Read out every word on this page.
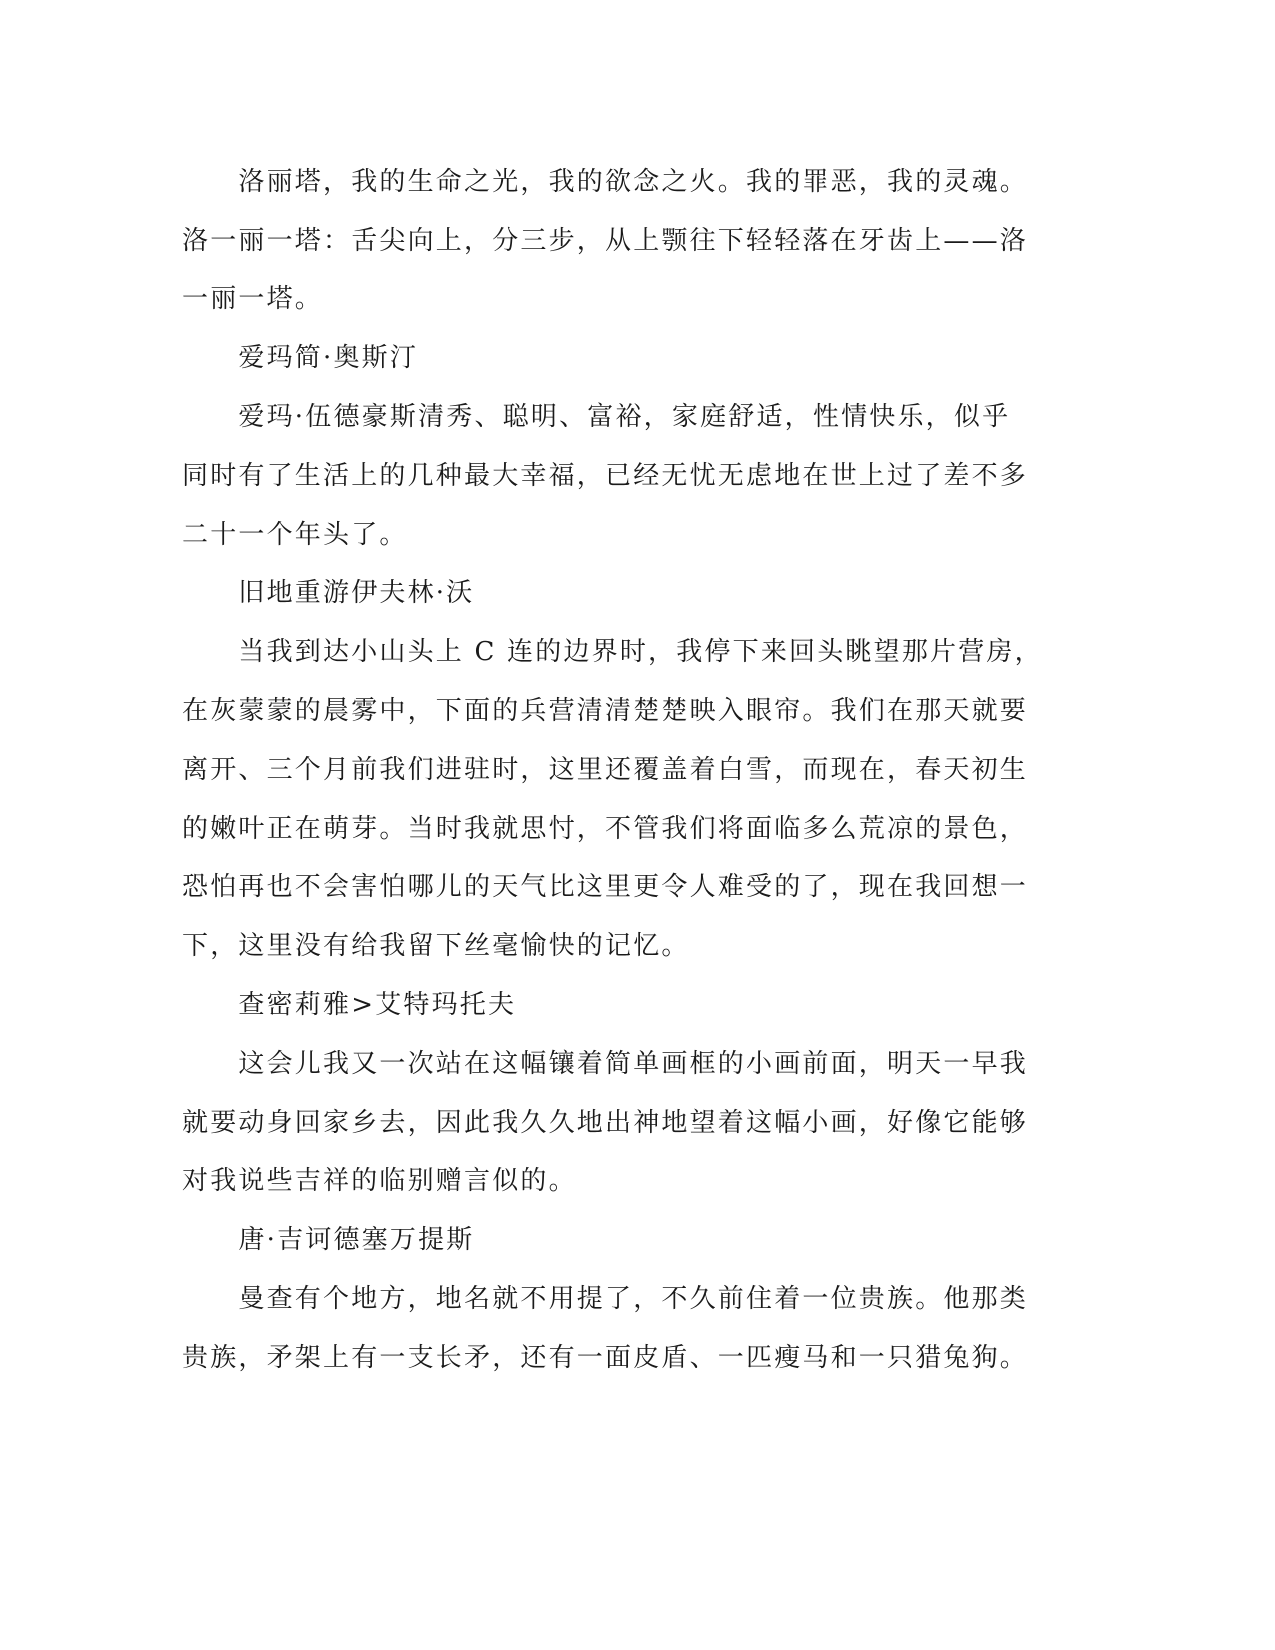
　　洛丽塔，我的生命之光，我的欲念之火。我的罪恶，我的灵魂。
洛一丽一塔：舌尖向上，分三步，从上颚往下轻轻落在牙齿上——洛
一丽一塔。
　　爱玛简·奥斯汀
　　爱玛·伍德豪斯清秀、聪明、富裕，家庭舒适，性情快乐，似乎
同时有了生活上的几种最大幸福，已经无忧无虑地在世上过了差不多
二十一个年头了。
　　旧地重游伊夫林·沃
　　当我到达小山头上 C 连的边界时，我停下来回头眺望那片营房，
在灰蒙蒙的晨雾中，下面的兵营清清楚楚映入眼帘。我们在那天就要
离开、三个月前我们进驻时，这里还覆盖着白雪，而现在，春天初生
的嫩叶正在萌芽。当时我就思忖，不管我们将面临多么荒凉的景色，
恐怕再也不会害怕哪儿的天气比这里更令人难受的了，现在我回想一
下，这里没有给我留下丝毫愉快的记忆。
　　查密莉雅>艾特玛托夫
　　这会儿我又一次站在这幅镶着简单画框的小画前面，明天一早我
就要动身回家乡去，因此我久久地出神地望着这幅小画，好像它能够
对我说些吉祥的临别赠言似的。
　　唐·吉诃德塞万提斯
　　曼查有个地方，地名就不用提了，不久前住着一位贵族。他那类
贵族，矛架上有一支长矛，还有一面皮盾、一匹瘦马和一只猎兔狗。
